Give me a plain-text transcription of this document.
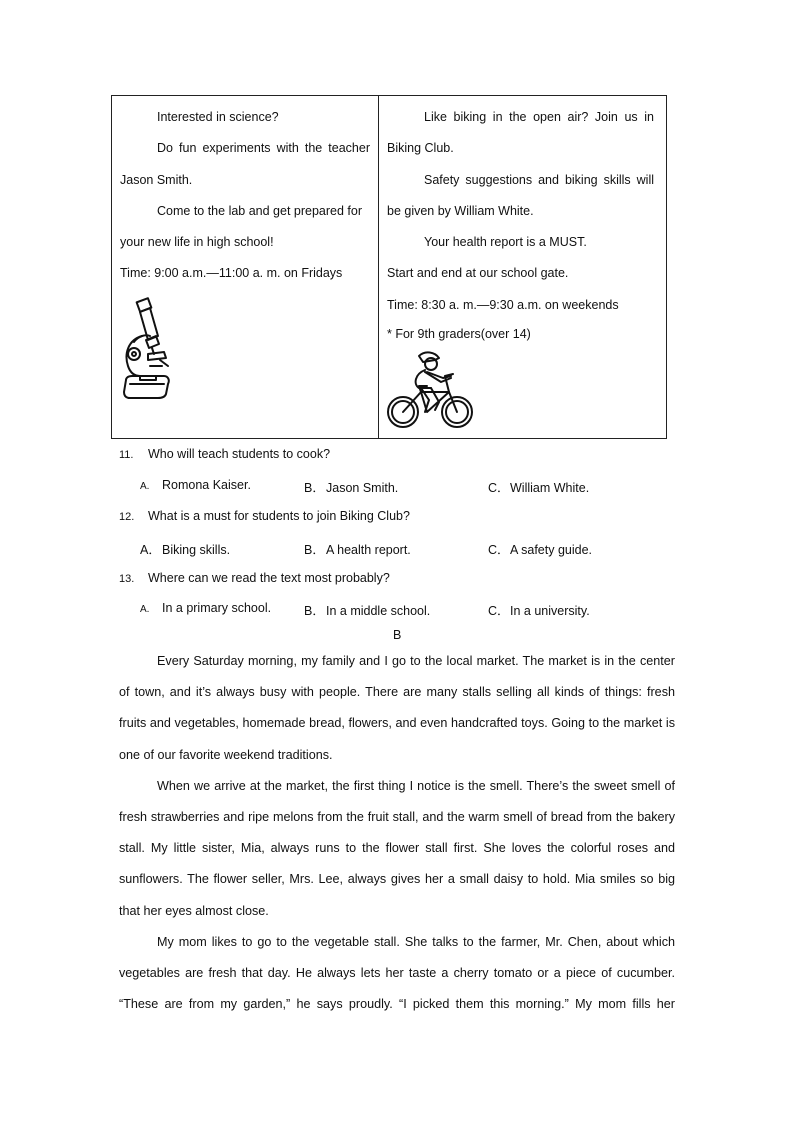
Interested in science?

Do fun experiments with the teacher Jason Smith.

Come to the lab and get prepared for your new life in high school!

Time: 9:00 a.m.—11:00 a. m. on Fridays

Like biking in the open air? Join us in Biking Club.

Safety suggestions and biking skills will be given by William White.

Your health report is a MUST.

Start and end at our school gate.

Time: 8:30 a. m.—9:30 a.m. on weekends

* For 9th graders(over 14)

11. Who will teach students to cook?
A. Romona Kaiser.	B．Jason Smith.	C．William White.
12. What is a must for students to join Biking Club?
A．Biking skills.	B．A health report.	C．A safety guide.
13. Where can we read the text most probably?
A. In a primary school.	B．In a middle school.	C．In a university.
B

Every Saturday morning, my family and I go to the local market. The market is in the center of town, and it’s always busy with people. There are many stalls selling all kinds of things: fresh fruits and vegetables, homemade bread, flowers, and even handcrafted toys. Going to the market is one of our favorite weekend traditions.

When we arrive at the market, the first thing I notice is the smell. There’s the sweet smell of fresh strawberries and ripe melons from the fruit stall, and the warm smell of bread from the bakery stall. My little sister, Mia, always runs to the flower stall first. She loves the colorful roses and sunflowers. The flower seller, Mrs. Lee, always gives her a small daisy to hold. Mia smiles so big that her eyes almost close.

My mom likes to go to the vegetable stall. She talks to the farmer, Mr. Chen, about which vegetables are fresh that day. He always lets her taste a cherry tomato or a piece of cucumber. “These are from my garden,” he says proudly. “I picked them this morning.” My mom fills her
